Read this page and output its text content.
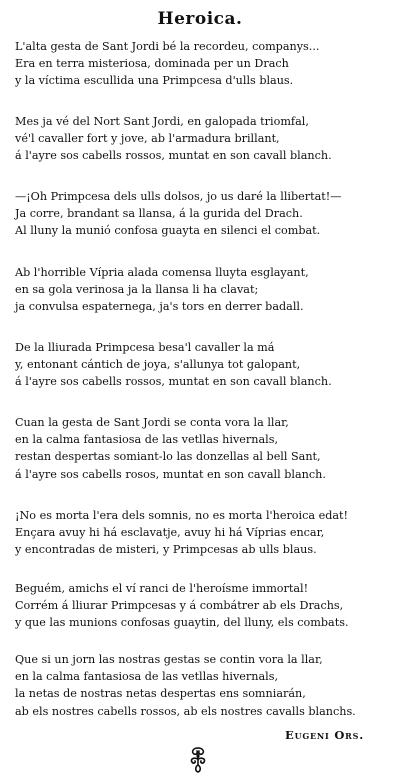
Heroica.
L'alta gesta de Sant Jordi bé la recordeu, companys...
Era en terra misteriosa, dominada per un Drach
y la víctima escullida una Primpcesa d'ulls blaus.
Mes ja vé del Nort Sant Jordi, en galopada triomfal,
vé'l cavaller fort y jove, ab l'armadura brillant,
á l'ayre sos cabells rossos, muntat en son cavall blanch.
—¡Oh Primpcesa dels ulls dolsos, jo us daré la llibertat!—
Ja corre, brandant sa llansa, á la gurida del Drach.
Al lluny la munió confosa guayta en silenci el combat.
Ab l'horrible Vípria alada comensa lluyta esglayant,
en sa gola verinosa ja la llansa li ha clavat;
ja convulsa espaternega, ja's tors en derrer badall.
De la lliurada Primpcesa besa'l cavaller la má
y, entonant cántich de joya, s'allunya tot galopant,
á l'ayre sos cabells rossos, muntat en son cavall blanch.
Cuan la gesta de Sant Jordi se conta vora la llar,
en la calma fantasiosa de las vetllas hivernals,
restan despertas somiant-lo las donzellas al bell Sant,
á l'ayre sos cabells rosos, muntat en son cavall blanch.
¡No es morta l'era dels somnis, no es morta l'heroica edat!
Ençara avuy hi há esclavatje, avuy hi há Víprias encar,
y encontradas de misteri, y Primpcesas ab ulls blaus.
Beguém, amichs el ví ranci de l'heroísme immortal!
Corrém á lliurar Primpcesas y á combátrer ab els Drachs,
y que las munions confosas guaytin, del lluny, els combats.
Que si un jorn las nostras gestas se contin vora la llar,
en la calma fantasiosa de las vetllas hivernals,
la netas de nostras netas despertas ens somniarán,
ab els nostres cabells rossos, ab els nostres cavalls blanchs.
Eugeni Ors.
